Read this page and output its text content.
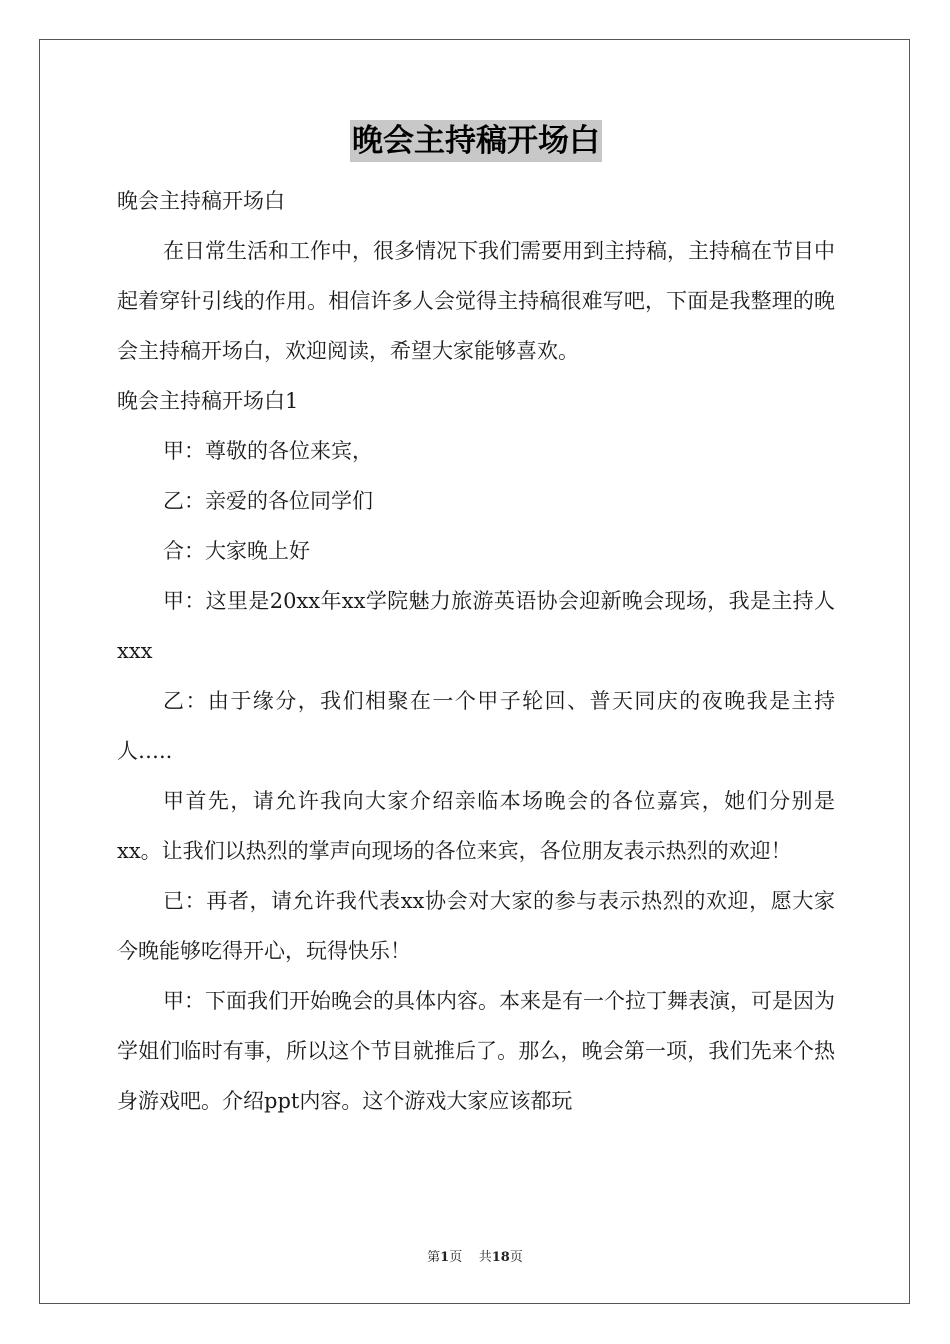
晚会主持稿开场白

晚会主持稿开场白

在日常生活和工作中，很多情况下我们需要用到主持稿，主持稿在节目中起着穿针引线的作用。相信许多人会觉得主持稿很难写吧，下面是我整理的晚会主持稿开场白，欢迎阅读，希望大家能够喜欢。

晚会主持稿开场白1

甲：尊敬的各位来宾，

乙：亲爱的各位同学们

合：大家晚上好

甲：这里是20xx年xx学院魅力旅游英语协会迎新晚会现场，我是主持人xxx

乙：由于缘分，我们相聚在一个甲子轮回、普天同庆的夜晚我是主持人…..

甲首先，请允许我向大家介绍亲临本场晚会的各位嘉宾，她们分别是xx。让我们以热烈的掌声向现场的各位来宾，各位朋友表示热烈的欢迎！

已：再者，请允许我代表xx协会对大家的参与表示热烈的欢迎，愿大家今晚能够吃得开心，玩得快乐！

甲：下面我们开始晚会的具体内容。本来是有一个拉丁舞表演，可是因为学姐们临时有事，所以这个节目就推后了。那么，晚会第一项，我们先来个热身游戏吧。介绍ppt内容。这个游戏大家应该都玩

第1页 共18页
